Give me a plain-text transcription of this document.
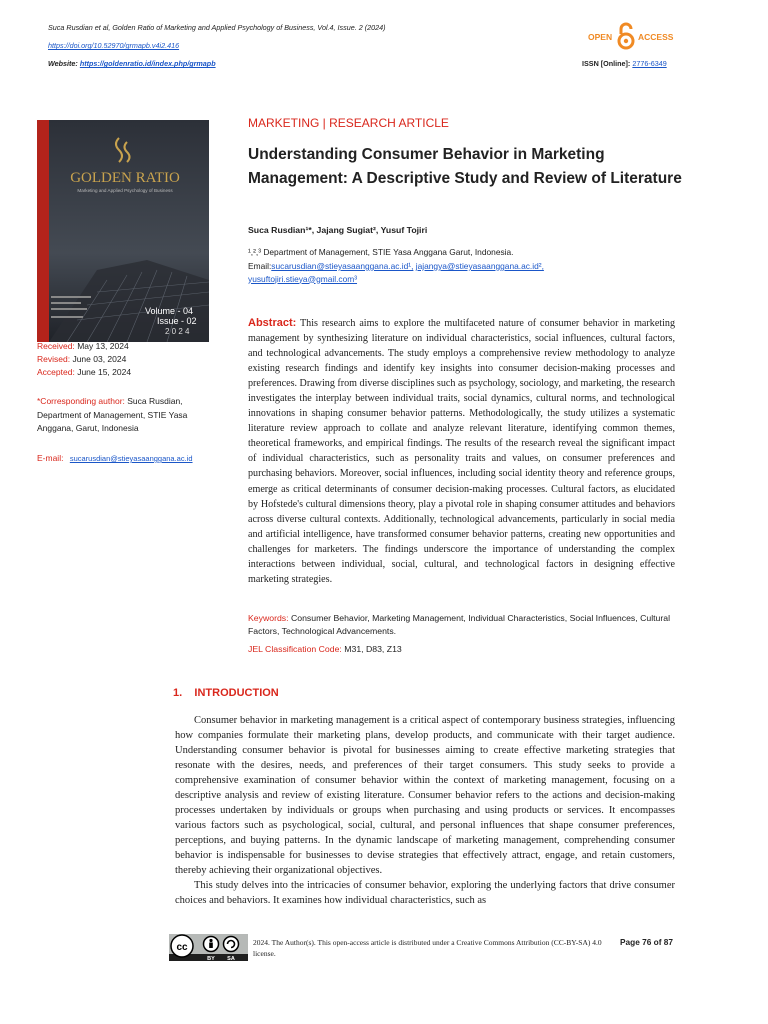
Suca Rusdian et al, Golden Ratio of Marketing and Applied Psychology of Business, Vol.4, Issue. 2 (2024)
https://doi.org/10.52970/grmapb.v4i2.416
Website: https://goldenratio.id/index.php/grmapb	ISSN [Online]: 2776-6349
OPEN	ACCESS
GOLDEN RATIO
Marketing and Applied Psychology of Business
Volume - 04
Issue - 02
2 0 2 4
Received: May 13, 2024
Revised: June 03, 2024
Accepted: June 15, 2024
*Corresponding author: Suca Rusdian, Department of Management, STIE Yasa Anggana, Garut, Indonesia
E-mail: sucarusdian@stieyasaanggana.ac.id
MARKETING | RESEARCH ARTICLE
Understanding Consumer Behavior in Marketing Management: A Descriptive Study and Review of Literature
Suca Rusdian¹*, Jajang Sugiat², Yusuf Tojiri
¹,²,³ Department of Management, STIE Yasa Anggana Garut, Indonesia.
Email:sucarusdian@stieyasaanggana.ac.id¹, jajangya@stieyasaanggana.ac.id²,
yusuftojiri.stieya@gmail.com³
Abstract: This research aims to explore the multifaceted nature of consumer behavior in marketing management by synthesizing literature on individual characteristics, social influences, cultural factors, and technological advancements. The study employs a comprehensive review methodology to analyze existing research findings and identify key insights into consumer decision-making processes and preferences. Drawing from diverse disciplines such as psychology, sociology, and marketing, the research investigates the interplay between individual traits, social dynamics, cultural norms, and technological innovations in shaping consumer behavior patterns. Methodologically, the study utilizes a systematic literature review approach to collate and analyze relevant literature, identifying common themes, theoretical frameworks, and empirical findings. The results of the research reveal the significant impact of individual characteristics, such as personality traits and values, on consumer preferences and purchasing behaviors. Moreover, social influences, including social identity theory and reference groups, emerge as critical determinants of consumer decision-making processes. Cultural factors, as elucidated by Hofstede's cultural dimensions theory, play a pivotal role in shaping consumer attitudes and behaviors across diverse cultural contexts. Additionally, technological advancements, particularly in social media and artificial intelligence, have transformed consumer behavior patterns, creating new opportunities and challenges for marketers. The findings underscore the importance of understanding the complex interactions between individual, social, cultural, and technological factors in designing effective marketing strategies.
Keywords: Consumer Behavior, Marketing Management, Individual Characteristics, Social Influences, Cultural Factors, Technological Advancements.
JEL Classification Code: M31, D83, Z13
1. INTRODUCTION

Consumer behavior in marketing management is a critical aspect of contemporary business strategies, influencing how companies formulate their marketing plans, develop products, and communicate with their target audience. Understanding consumer behavior is pivotal for businesses aiming to create effective marketing strategies that resonate with the desires, needs, and preferences of their target consumers. This study seeks to provide a comprehensive examination of consumer behavior within the context of marketing management, focusing on a descriptive analysis and review of existing literature. Consumer behavior refers to the actions and decision-making processes undertaken by individuals or groups when purchasing and using products or services. It encompasses various factors such as psychological, social, cultural, and personal influences that shape consumer preferences, perceptions, and buying patterns. In the dynamic landscape of marketing management, comprehending consumer behavior is indispensable for businesses to devise strategies that effectively attract, engage, and retain customers, thereby achieving their organizational objectives.

This study delves into the intricacies of consumer behavior, exploring the underlying factors that drive consumer choices and behaviors. It examines how individual characteristics, such as

cc
BY SA
2024. The Author(s). This open-access article is distributed under a Creative Commons Attribution (CC-BY-SA) 4.0 license.
Page 76 of 87
